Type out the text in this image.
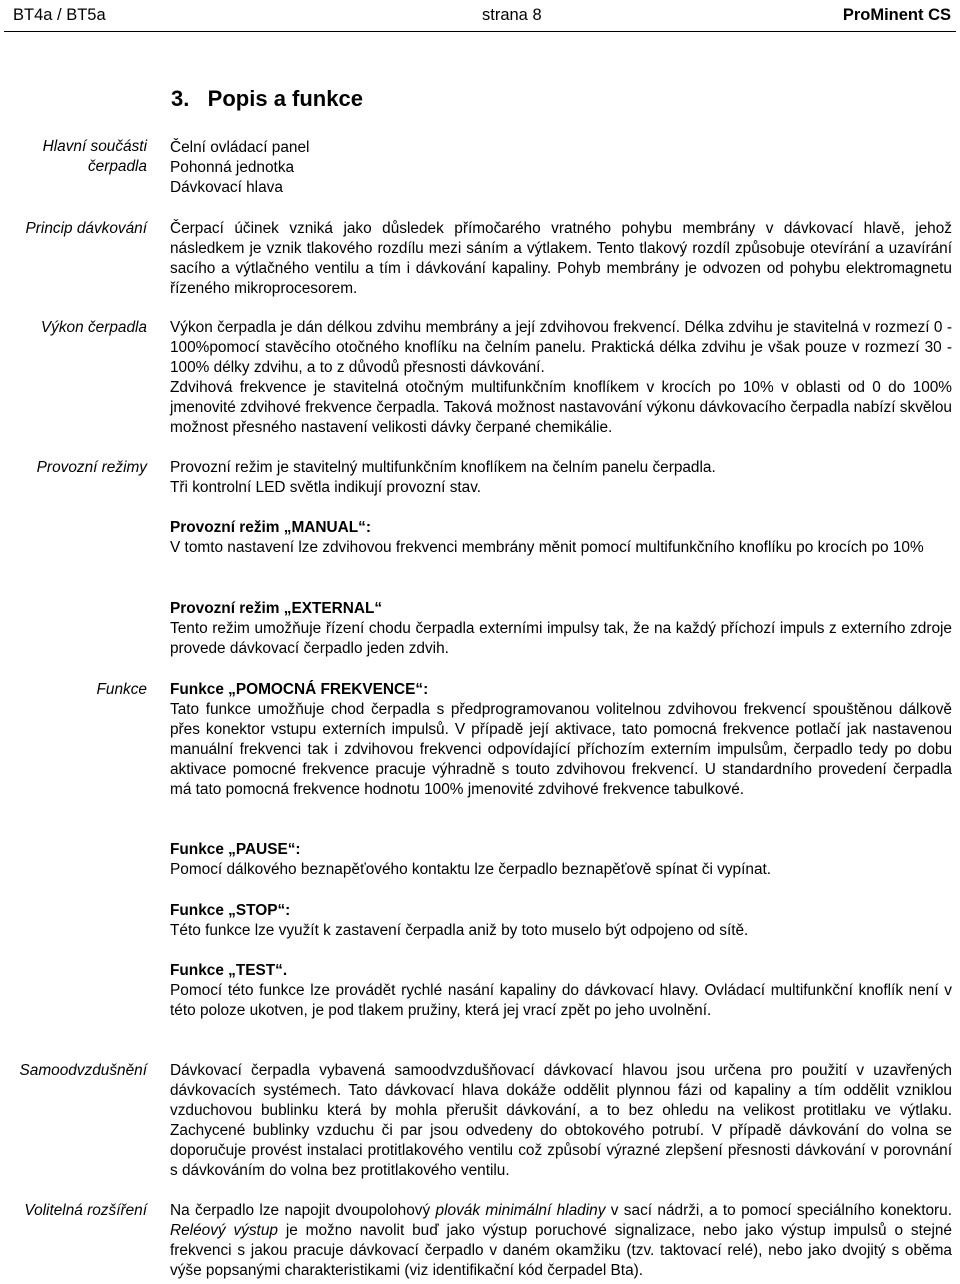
BT4a / BT5a	strana 8	ProMinent CS
3.   Popis a funkce
Hlavní součásti čerpadla

Čelní ovládací panel

Pohonná jednotka

Dávkovací hlava

Princip dávkování Čerpací účinek vzniká jako důsledek přímočarého vratného pohybu membrány v dávkovací hlavě, jehož následkem je vznik tlakového rozdílu mezi sáním a výtlakem. Tento tlakový rozdíl způsobuje otevírání a uzavírání sacího a výtlačného ventilu a tím i dávkování kapaliny. Pohyb membrány je odvozen od pohybu elektromagnetu řízeného mikroprocesorem.

Výkon čerpadla Výkon čerpadla je dán délkou zdvihu membrány a její zdvihovou frekvencí. Délka zdvihu je stavitelná v rozmezí 0 - 100%pomocí stavěcího otočného knoflíku na čelním panelu. Praktická délka zdvihu je však pouze v rozmezí 30 - 100% délky zdvihu, a to z důvodů přesnosti dávkování.

Zdvihová frekvence je stavitelná otočným multifunkčním knoflíkem v krocích po 10% v oblasti od 0 do 100% jmenovité zdvihové frekvence čerpadla. Taková možnost nastavování výkonu dávkovacího čerpadla nabízí skvělou možnost přesného nastavení velikosti dávky čerpané chemikálie.

Provozní režimy Provozní režim je stavitelný multifunkčním knoflíkem na čelním panelu čerpadla.

Tři kontrolní LED světla indikují provozní stav.

Provozní režim „MANUAL“:

V tomto nastavení lze zdvihovou frekvenci membrány měnit pomocí multifunkčního knoflíku po krocích po 10%

Provozní režim „EXTERNAL“

Tento režim umožňuje řízení chodu čerpadla externími impulsy tak, že na každý příchozí impuls z externího zdroje provede dávkovací čerpadlo jeden zdvih.

Funkce Funkce „POMOCNÁ FREKVENCE“:

Tato funkce umožňuje chod čerpadla s předprogramovanou volitelnou zdvihovou frekvencí spouštěnou dálkově přes konektor vstupu externích impulsů. V případě její aktivace, tato pomocná frekvence potlačí jak nastavenou manuální frekvenci tak i zdvihovou frekvenci odpovídající příchozím externím impulsům, čerpadlo tedy po dobu aktivace pomocné frekvence pracuje výhradně s touto zdvihovou frekvencí. U standardního provedení čerpadla má tato pomocná frekvence hodnotu 100% jmenovité zdvihové frekvence tabulkové.

Funkce „PAUSE“:

Pomocí dálkového beznapěťového kontaktu lze čerpadlo beznapěťově spínat či vypínat.

Funkce „STOP“:

Této funkce lze využít k zastavení čerpadla aniž by toto muselo být odpojeno od sítě.

Funkce „TEST“.

Pomocí této funkce lze provádět rychlé nasání kapaliny do dávkovací hlavy. Ovládací multifunkční knoflík není v této poloze ukotven, je pod tlakem pružiny, která jej vrací zpět po jeho uvolnění.

Samoodvzdušnění Dávkovací čerpadla vybavená samoodvzdušňovací dávkovací hlavou jsou určena pro použití v uzavřených dávkovacích systémech. Tato dávkovací hlava dokáže oddělit plynnou fázi od kapaliny a tím oddělit vzniklou vzduchovou bublinku která by mohla přerušit dávkování, a to bez ohledu na velikost protitlaku ve výtlaku. Zachycené bublinky vzduchu či par jsou odvedeny do obtokového potrubí. V případě dávkování do volna se doporučuje provést instalaci protitlakového ventilu což způsobí výrazné zlepšení přesnosti dávkování v porovnání s dávkováním do volna bez protitlakového ventilu.

Volitelná rozšíření Na čerpadlo lze napojit dvoupolohový plovák minimální hladiny v sací nádrži, a to pomocí speciálního konektoru. Reléový výstup je možno navolit buď jako výstup poruchové signalizace, nebo jako výstup impulsů o stejné frekvenci s jakou pracuje dávkovací čerpadlo v daném okamžiku (tzv. taktovací relé), nebo jako dvojitý s oběma výše popsanými charakteristikami (viz identifikační kód čerpadel Bta).
